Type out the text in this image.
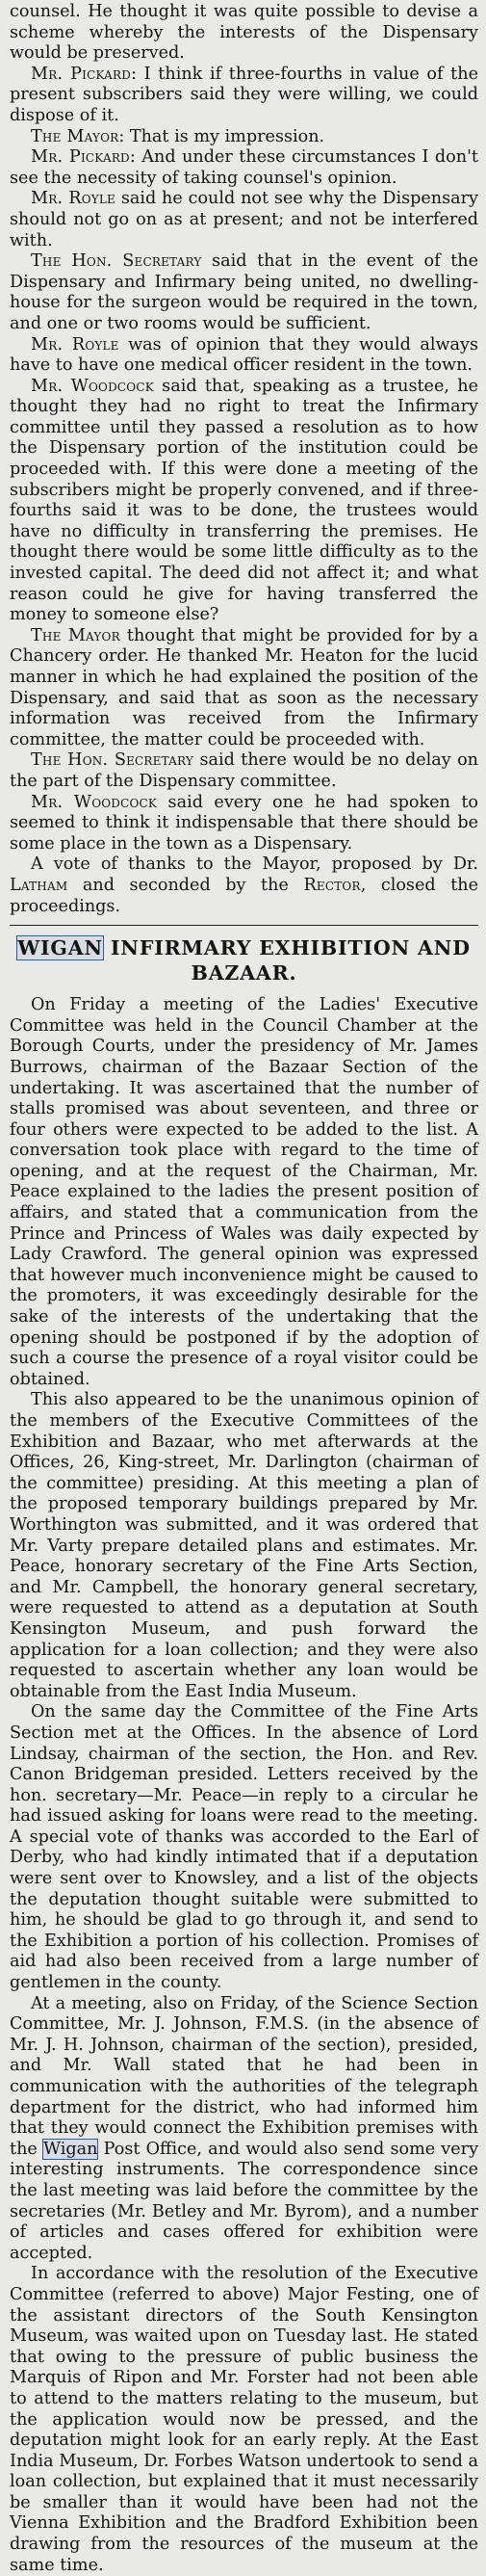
counsel. He thought it was quite possible to devise a scheme whereby the interests of the Dispensary would be preserved.

Mr. Pickard: I think if three-fourths in value of the present subscribers said they were willing, we could dispose of it.

The Mayor: That is my impression.

Mr. Pickard: And under these circumstances I don't see the necessity of taking counsel's opinion.

Mr. Royle said he could not see why the Dispensary should not go on as at present; and not be interfered with.

The Hon. Secretary said that in the event of the Dispensary and Infirmary being united, no dwelling-house for the surgeon would be required in the town, and one or two rooms would be sufficient.

Mr. Royle was of opinion that they would always have to have one medical officer resident in the town.

Mr. Woodcock said that, speaking as a trustee, he thought they had no right to treat the Infirmary committee until they passed a resolution as to how the Dispensary portion of the institution could be proceeded with. If this were done a meeting of the subscribers might be properly convened, and if three-fourths said it was to be done, the trustees would have no difficulty in transferring the premises. He thought there would be some little difficulty as to the invested capital. The deed did not affect it; and what reason could he give for having transferred the money to someone else?

The Mayor thought that might be provided for by a Chancery order. He thanked Mr. Heaton for the lucid manner in which he had explained the position of the Dispensary, and said that as soon as the necessary information was received from the Infirmary committee, the matter could be proceeded with.

The Hon. Secretary said there would be no delay on the part of the Dispensary committee.

Mr. Woodcock said every one he had spoken to seemed to think it indispensable that there should be some place in the town as a Dispensary.

A vote of thanks to the Mayor, proposed by Dr. Latham and seconded by the Rector, closed the proceedings.

WIGAN INFIRMARY EXHIBITION AND
BAZAAR.

On Friday a meeting of the Ladies' Executive Committee was held in the Council Chamber at the Borough Courts, under the presidency of Mr. James Burrows, chairman of the Bazaar Section of the undertaking. It was ascertained that the number of stalls promised was about seventeen, and three or four others were expected to be added to the list. A conversation took place with regard to the time of opening, and at the request of the Chairman, Mr. Peace explained to the ladies the present position of affairs, and stated that a communication from the Prince and Princess of Wales was daily expected by Lady Crawford. The general opinion was expressed that however much inconvenience might be caused to the promoters, it was exceedingly desirable for the sake of the interests of the undertaking that the opening should be postponed if by the adoption of such a course the presence of a royal visitor could be obtained.

This also appeared to be the unanimous opinion of the members of the Executive Committees of the Exhibition and Bazaar, who met afterwards at the Offices, 26, King-street, Mr. Darlington (chairman of the committee) presiding. At this meeting a plan of the proposed temporary buildings prepared by Mr. Worthington was submitted, and it was ordered that Mr. Varty prepare detailed plans and estimates. Mr. Peace, honorary secretary of the Fine Arts Section, and Mr. Campbell, the honorary general secretary, were requested to attend as a deputation at South Kensington Museum, and push forward the application for a loan collection; and they were also requested to ascertain whether any loan would be obtainable from the East India Museum.

On the same day the Committee of the Fine Arts Section met at the Offices. In the absence of Lord Lindsay, chairman of the section, the Hon. and Rev. Canon Bridgeman presided. Letters received by the hon. secretary—Mr. Peace—in reply to a circular he had issued asking for loans were read to the meeting. A special vote of thanks was accorded to the Earl of Derby, who had kindly intimated that if a deputation were sent over to Knowsley, and a list of the objects the deputation thought suitable were submitted to him, he should be glad to go through it, and send to the Exhibition a portion of his collection. Promises of aid had also been received from a large number of gentlemen in the county.

At a meeting, also on Friday, of the Science Section Committee, Mr. J. Johnson, F.M.S. (in the absence of Mr. J. H. Johnson, chairman of the section), presided, and Mr. Wall stated that he had been in communication with the authorities of the telegraph department for the district, who had informed him that they would connect the Exhibition premises with the Wigan Post Office, and would also send some very interesting instruments. The correspondence since the last meeting was laid before the committee by the secretaries (Mr. Betley and Mr. Byrom), and a number of articles and cases offered for exhibition were accepted.

In accordance with the resolution of the Executive Committee (referred to above) Major Festing, one of the assistant directors of the South Kensington Museum, was waited upon on Tuesday last. He stated that owing to the pressure of public business the Marquis of Ripon and Mr. Forster had not been able to attend to the matters relating to the museum, but the application would now be pressed, and the deputation might look for an early reply. At the East India Museum, Dr. Forbes Watson undertook to send a loan collection, but explained that it must necessarily be smaller than it would have been had not the Vienna Exhibition and the Bradford Exhibition been drawing from the resources of the museum at the same time.
